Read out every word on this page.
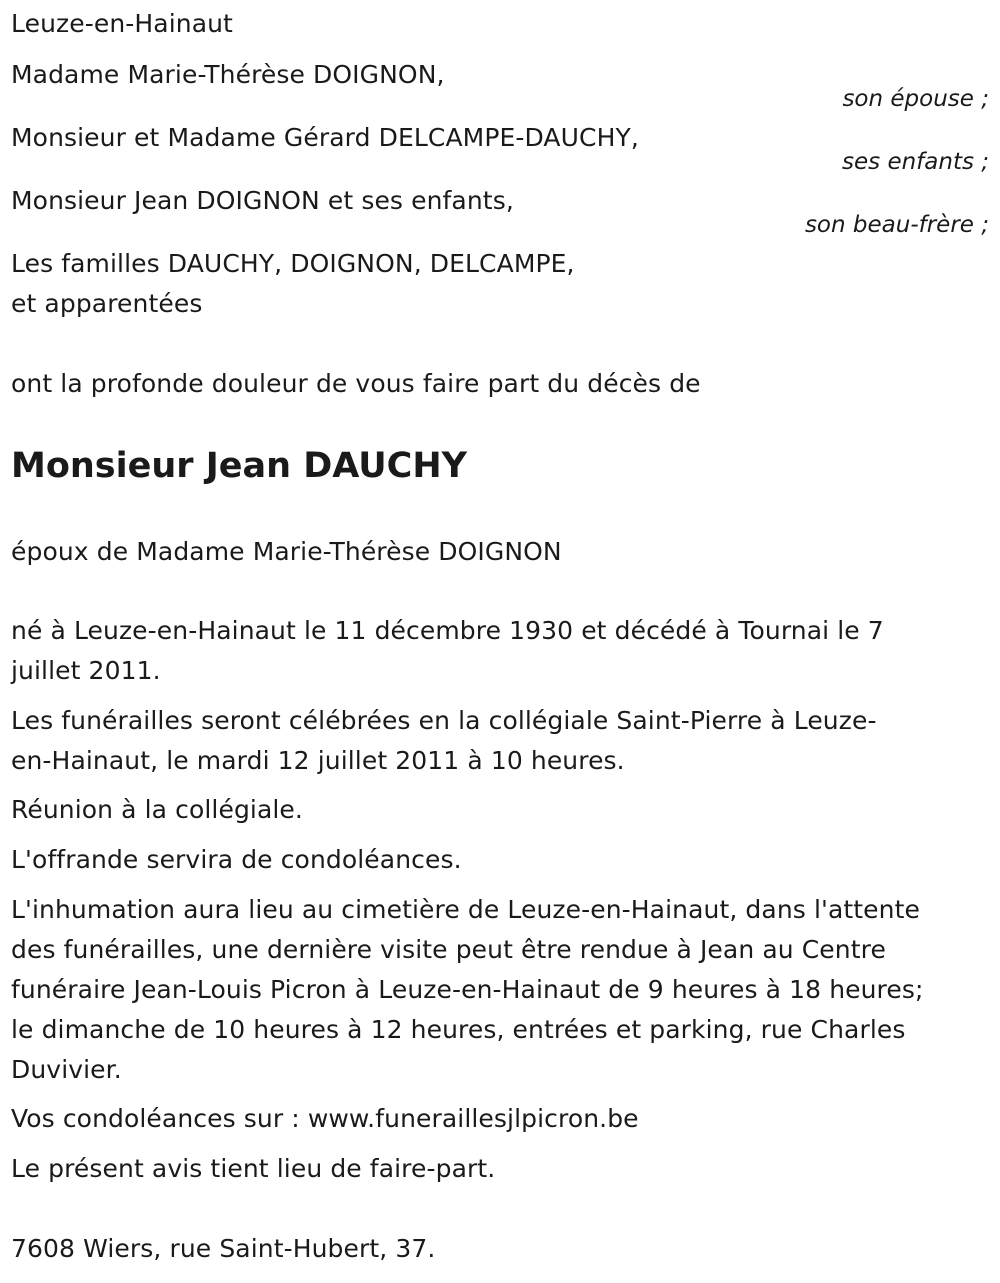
Leuze-en-Hainaut
Madame Marie-Thérèse DOIGNON,
son épouse ;
Monsieur et Madame Gérard DELCAMPE-DAUCHY,
ses enfants ;
Monsieur Jean DOIGNON et ses enfants,
son beau-frère ;
Les familles DAUCHY, DOIGNON, DELCAMPE,
et apparentées
ont la profonde douleur de vous faire part du décès de
Monsieur Jean DAUCHY
époux de Madame Marie-Thérèse DOIGNON
né à Leuze-en-Hainaut le 11 décembre 1930 et décédé à Tournai le 7
juillet 2011.
Les funérailles seront célébrées en la collégiale Saint-Pierre à Leuze-
en-Hainaut, le mardi 12 juillet 2011 à 10 heures.
Réunion à la collégiale.
L'offrande servira de condoléances.
L'inhumation aura lieu au cimetière de Leuze-en-Hainaut, dans l'attente
des funérailles, une dernière visite peut être rendue à Jean au Centre
funéraire Jean-Louis Picron à Leuze-en-Hainaut de 9 heures à 18 heures;
le dimanche de 10 heures à 12 heures, entrées et parking, rue Charles
Duvivier.
Vos condoléances sur : www.funeraillesjlpicron.be
Le présent avis tient lieu de faire-part.
7608 Wiers, rue Saint-Hubert, 37.
